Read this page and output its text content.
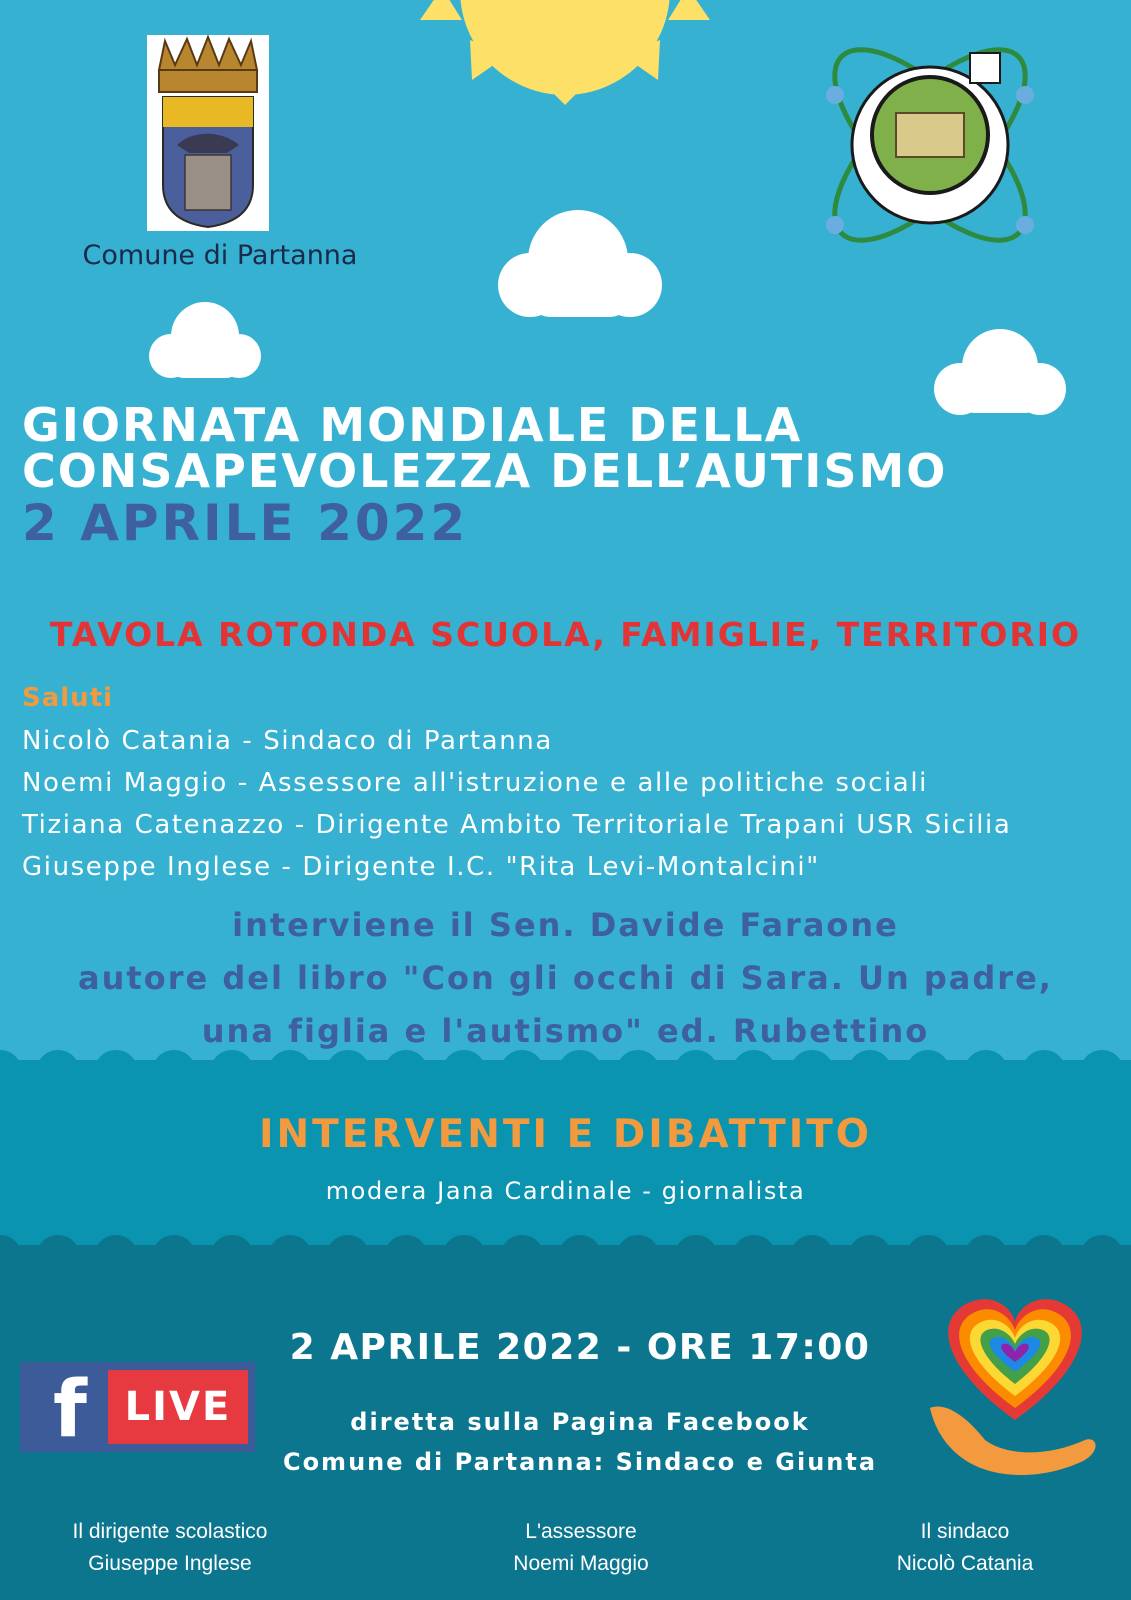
Comune di Partanna
GIORNATA MONDIALE DELLA
CONSAPEVOLEZZA DELL’AUTISMO
2 APRILE 2022
TAVOLA ROTONDA SCUOLA, FAMIGLIE, TERRITORIO
Saluti
Nicolò Catania - Sindaco di Partanna
Noemi Maggio - Assessore all'istruzione e alle politiche sociali
Tiziana Catenazzo - Dirigente Ambito Territoriale Trapani USR Sicilia
Giuseppe Inglese - Dirigente I.C. "Rita Levi-Montalcini"
interviene il Sen. Davide Faraone
autore del libro "Con gli occhi di Sara. Un padre,
una figlia e l'autismo" ed. Rubettino
INTERVENTI E DIBATTITO
modera Jana Cardinale - giornalista
f LIVE
2 APRILE 2022 - ORE 17:00
diretta sulla Pagina Facebook
Comune di Partanna: Sindaco e Giunta
Il dirigente scolastico
Giuseppe Inglese
L'assessore
Noemi Maggio
Il sindaco
Nicolò Catania
